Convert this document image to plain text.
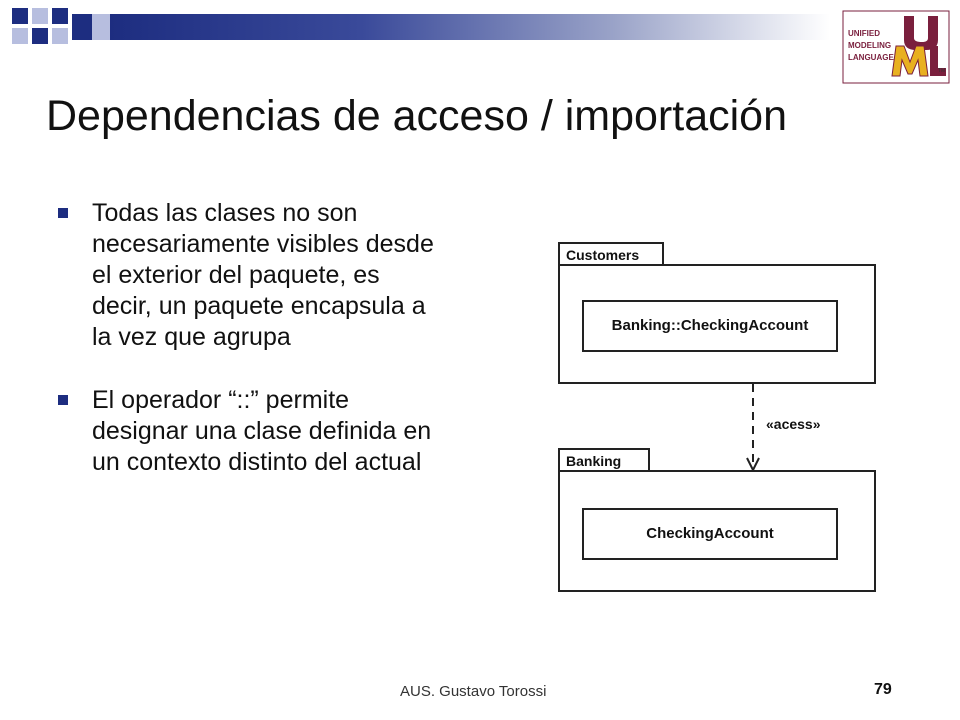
UNIFIED
MODELING
LANGUAGE
TM
Dependencias de acceso / importación
Todas las clases no son necesariamente visibles desde el exterior del paquete, es decir, un paquete encapsula a la vez que agrupa
El operador “::” permite designar una clase definida en un contexto distinto del actual
Customers
Banking::CheckingAccount
«acess»
Banking
CheckingAccount
AUS. Gustavo Torossi	79
